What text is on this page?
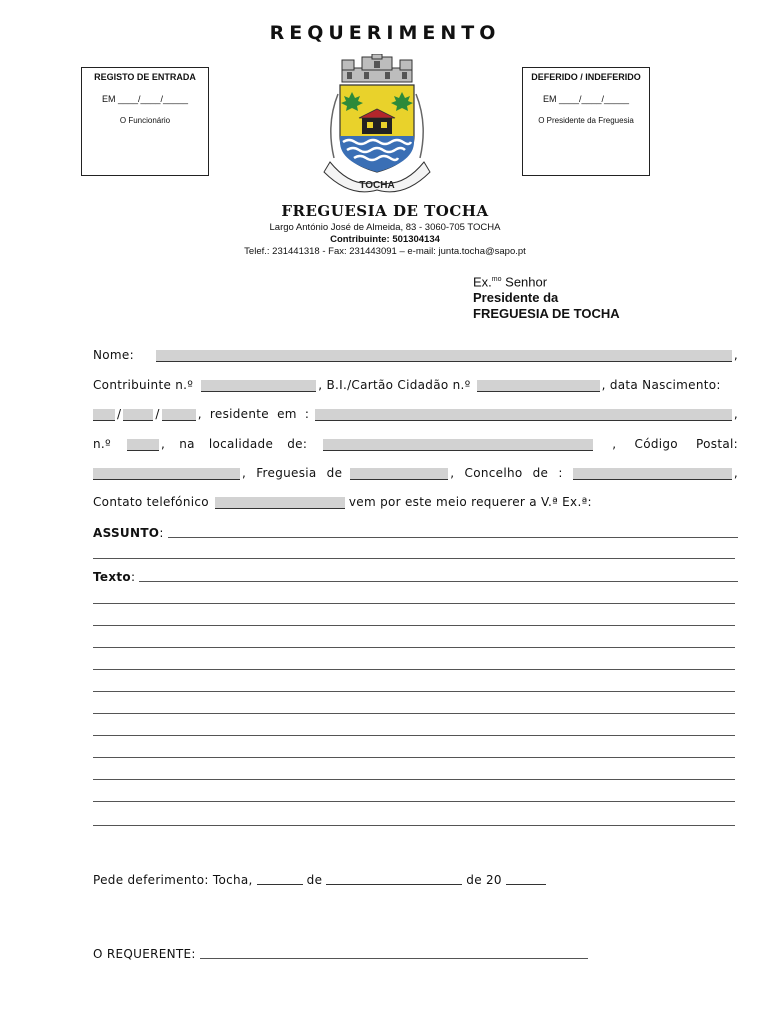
REQUERIMENTO
REGISTO DE ENTRADA
EM ____/____/_____
O Funcionário
DEFERIDO / INDEFERIDO
EM ____/____/_____
O Presidente da Freguesia
TOCHA
FREGUESIA DE TOCHA
Largo António José de Almeida, 83 - 3060-705 TOCHA
Contribuinte: 501304134
Telef.: 231441318 - Fax: 231443091 – e-mail: junta.tocha@sapo.pt
Ex.$^{mo}$ Senhor
Presidente da
FREGUESIA DE TOCHA
Nome:	,
Contribuinte n.º	, B.I./Cartão Cidadão n.º	, data Nascimento:
/	/	, residente em :	,
n.º	, na localidade de:	, Código Postal:
, Freguesia de	, Concelho de :	,
Contato telefónico	vem por este meio requerer a V.ª Ex.ª:
ASSUNTO :
Texto :
Pede deferimento: Tocha,	de	de 20
O REQUERENTE:
